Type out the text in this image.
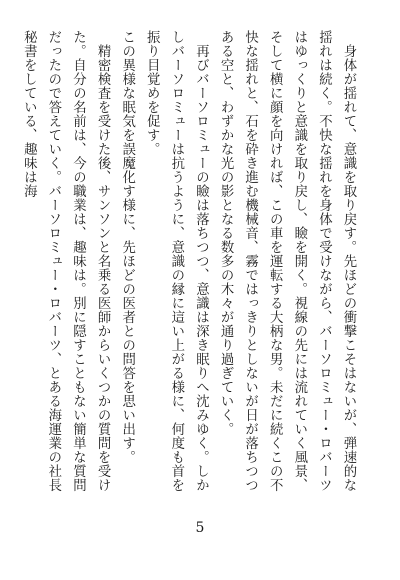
　身体が揺れて、意識を取り戻す。先ほどの衝撃こそはないが、弾速的な揺れは続く。不快な揺れを身体で受けながら、バーソロミュー・ロバーツはゆっくりと意識を取り戻し、瞼を開く。視線の先には流れていく風景、そして横に顔を向ければ、この車を運転する大柄な男。未だに続くこの不快な揺れと、石を砕き進む機械音、霧ではっきりとしないが日が落ちつつある空と、わずかな光の影となる数多の木々が通り過ぎていく。

　再びバーソロミューの瞼は落ちつつ、意識は深き眠りへ沈みゆく。しかしバーソロミューは抗うように、意識の縁に這い上がる様に、何度も首を振り目覚めを促す。

この異様な眠気を誤魔化す様に、先ほどの医者との問答を思い出す。

　精密検査を受けた後、サンソンと名乗る医師からいくつかの質問を受けた。自分の名前は、今の職業は、趣味は。別に隠すこともない簡単な質問だったので答えていく。バーソロミュー・ロバーツ、とある海運業の社長秘書をしている、趣味は海

5
